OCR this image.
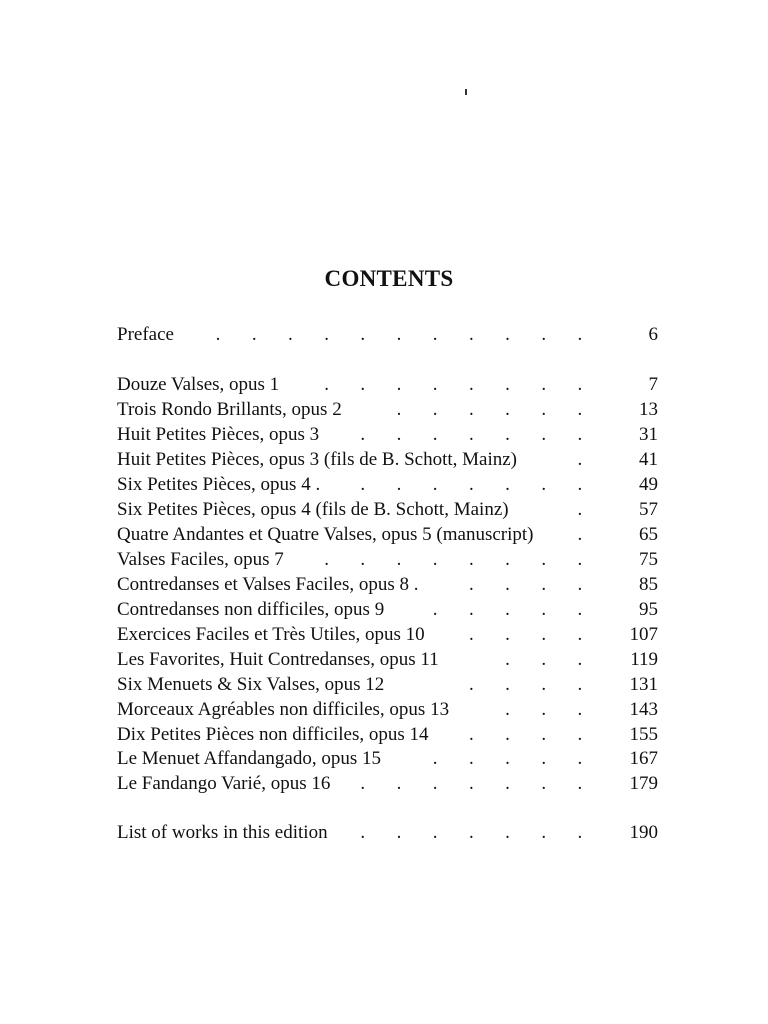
CONTENTS
. . . . . . . . . . .
Preface	6
. . . . . . . .
Douze Valses, opus 1	7
. . . . . .
Trois Rondo Brillants, opus 2	13
. . . . . . .
Huit Petites Pièces, opus 3	31
.
Huit Petites Pièces, opus 3 (fils de B. Schott, Mainz)	41
. . . . . . .
Six Petites Pièces, opus 4 .	49
.
Six Petites Pièces, opus 4 (fils de B. Schott, Mainz)	57
.
Quatre Andantes et Quatre Valses, opus 5 (manuscript)	65
. . . . . . . .
Valses Faciles, opus 7	75
. . . .
Contredanses et Valses Faciles, opus 8 .	85
. . . . .
Contredanses non difficiles, opus 9	95
. . . .
Exercices Faciles et Très Utiles, opus 10	107
. . .
Les Favorites, Huit Contredanses, opus 11	119
. . . .
Six Menuets & Six Valses, opus 12	131
. . .
Morceaux Agréables non difficiles, opus 13	143
. . . .
Dix Petites Pièces non difficiles, opus 14	155
. . . . .
Le Menuet Affandangado, opus 15	167
. . . . . . .
Le Fandango Varié, opus 16	179
. . . . . . .
List of works in this edition	190
